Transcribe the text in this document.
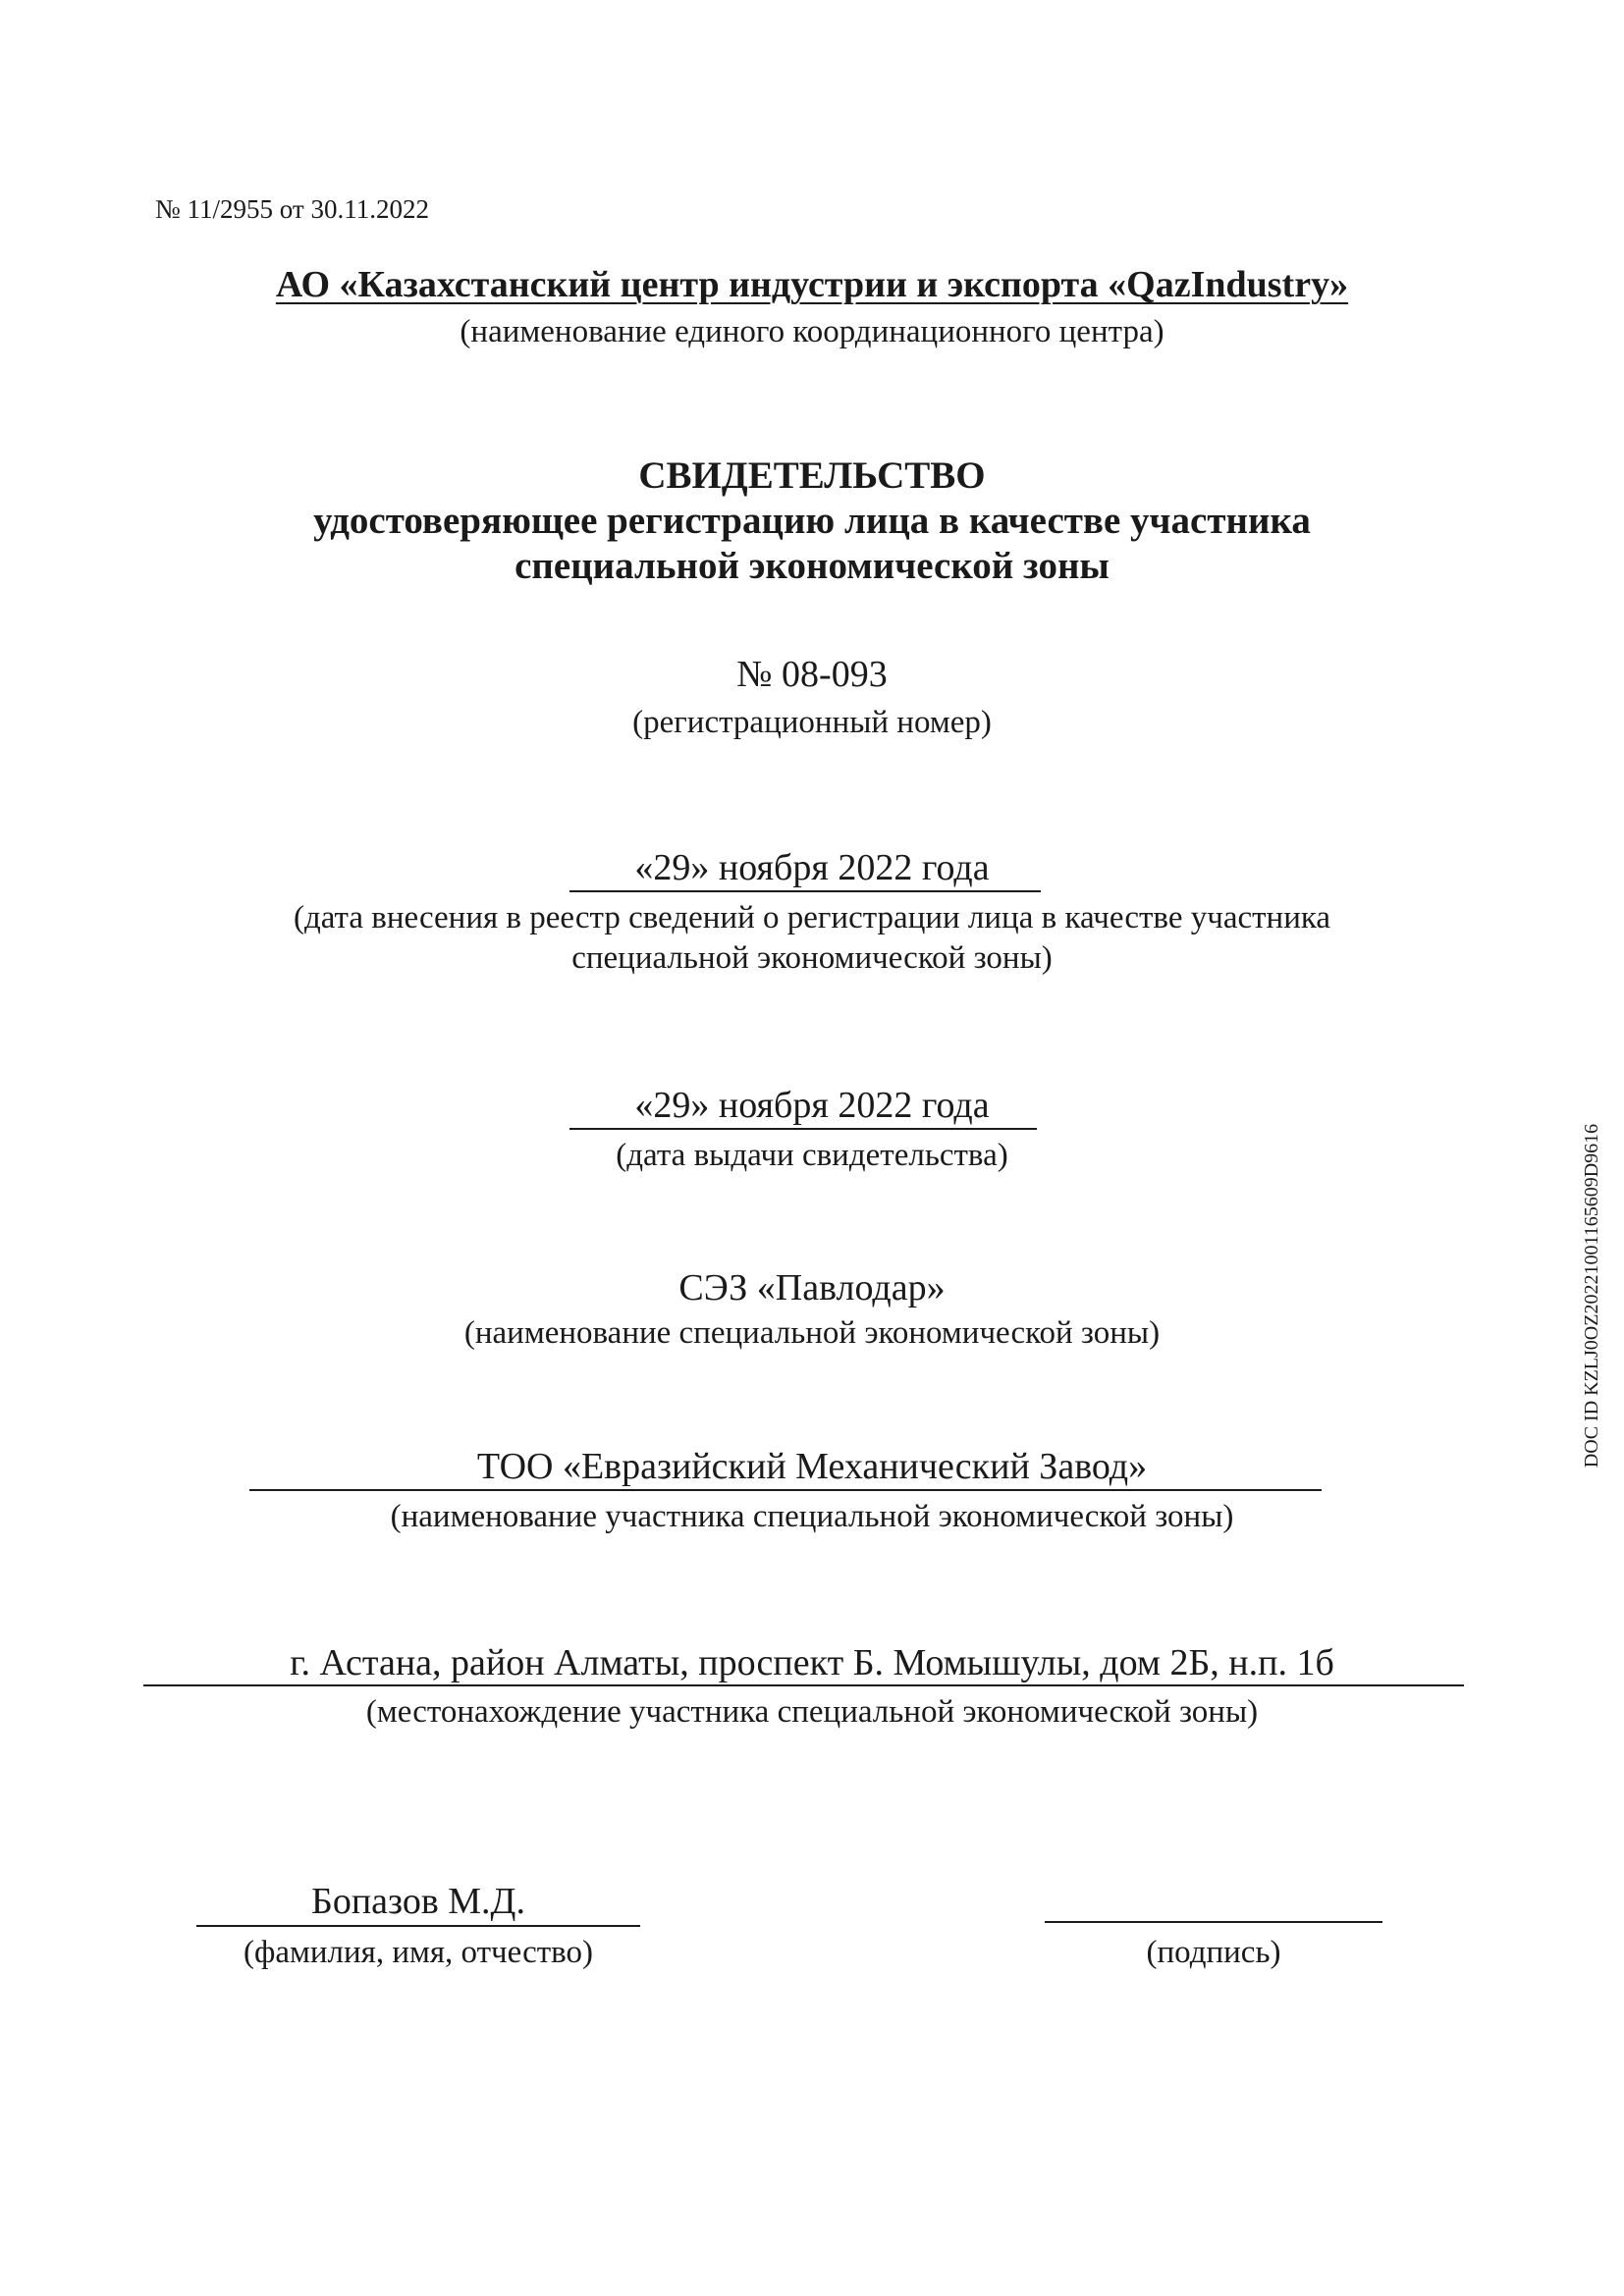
№ 11/2955 от 30.11.2022
АО «Казахстанский центр индустрии и экспорта «QazIndustry»
(наименование единого координационного центра)
СВИДЕТЕЛЬСТВО
удостоверяющее регистрацию лица в качестве участника
специальной экономической зоны
№ 08-093
(регистрационный номер)
«29» ноября 2022 года
(дата внесения в реестр сведений о регистрации лица в качестве участника
специальной экономической зоны)
«29» ноября 2022 года
(дата выдачи свидетельства)
СЭЗ «Павлодар»
(наименование специальной экономической зоны)
ТОО «Евразийский Механический Завод»
(наименование участника специальной экономической зоны)
г. Астана, район Алматы, проспект Б. Момышулы, дом 2Б, н.п. 1б
(местонахождение участника специальной экономической зоны)
Бопазов М.Д.
(фамилия, имя, отчество)	(подпись)
DOC ID KZLJ0OZ20221001165609D9616
